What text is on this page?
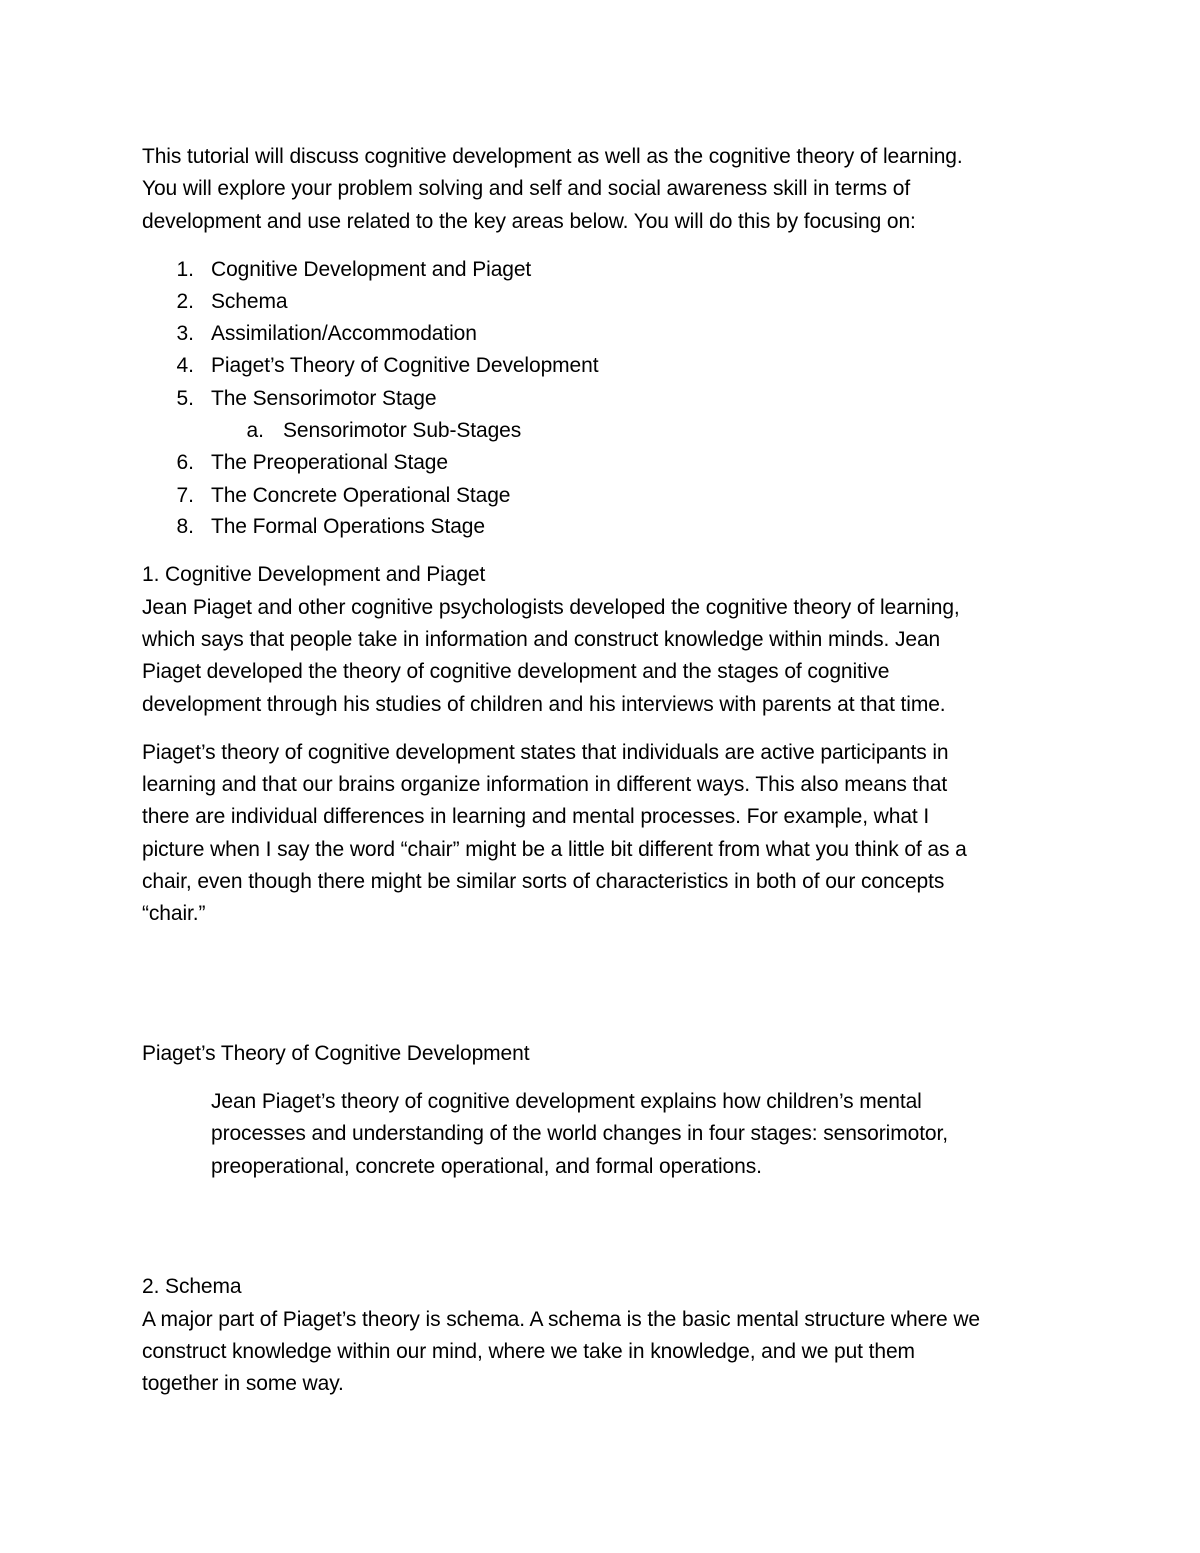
This tutorial will discuss cognitive development as well as the cognitive theory of learning.
You will explore your problem solving and self and social awareness skill in terms of
development and use related to the key areas below. You will do this by focusing on:
1. Cognitive Development and Piaget
2. Schema
3. Assimilation/Accommodation
4. Piaget’s Theory of Cognitive Development
5. The Sensorimotor Stage
a. Sensorimotor Sub-Stages
6. The Preoperational Stage
7. The Concrete Operational Stage
8. The Formal Operations Stage
1. Cognitive Development and Piaget
Jean Piaget and other cognitive psychologists developed the cognitive theory of learning,
which says that people take in information and construct knowledge within minds. Jean
Piaget developed the theory of cognitive development and the stages of cognitive
development through his studies of children and his interviews with parents at that time.
Piaget’s theory of cognitive development states that individuals are active participants in
learning and that our brains organize information in different ways. This also means that
there are individual differences in learning and mental processes. For example, what I
picture when I say the word “chair” might be a little bit different from what you think of as a
chair, even though there might be similar sorts of characteristics in both of our concepts
“chair.”
Piaget’s Theory of Cognitive Development
Jean Piaget’s theory of cognitive development explains how children’s mental
processes and understanding of the world changes in four stages: sensorimotor,
preoperational, concrete operational, and formal operations.
2. Schema
A major part of Piaget’s theory is schema. A schema is the basic mental structure where we
construct knowledge within our mind, where we take in knowledge, and we put them
together in some way.
